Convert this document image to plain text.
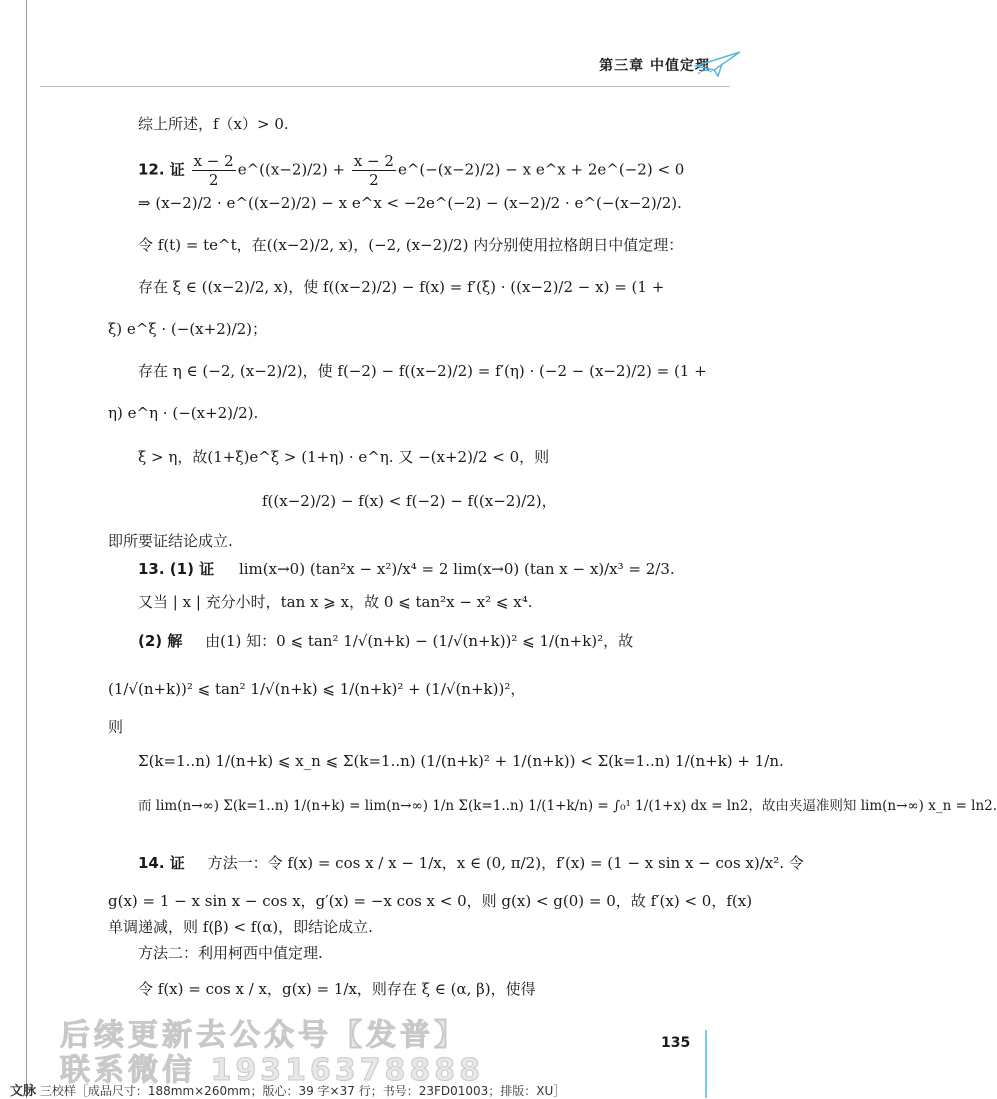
第三章 中值定理
综上所述，f（x）> 0.
12. 证 $\frac{x - 2}{2}$ e^((x−2)/2) + $\frac{x - 2}{2}$ e^(−(x−2)/2) − x e^x + 2e^(−2) < 0
⇒ (x−2)/2 · e^((x−2)/2) − x e^x < −2e^(−2) − (x−2)/2 · e^(−(x−2)/2).
令 f(t) = te^t，在((x−2)/2, x)，(−2, (x−2)/2) 内分别使用拉格朗日中值定理：
存在 ξ ∈ ((x−2)/2, x)，使 f((x−2)/2) − f(x) = f′(ξ) · ((x−2)/2 − x) = (1 +
ξ) e^ξ · (−(x+2)/2)；
存在 η ∈ (−2, (x−2)/2)，使 f(−2) − f((x−2)/2) = f′(η) · (−2 − (x−2)/2) = (1 +
η) e^η · (−(x+2)/2).
ξ > η，故(1+ξ)e^ξ > (1+η) · e^η. 又 −(x+2)/2 < 0，则
f((x−2)/2) − f(x) < f(−2) − f((x−2)/2)，
即所要证结论成立.
13. (1) 证 lim(x→0) (tan²x − x²)/x⁴ = 2 lim(x→0) (tan x − x)/x³ = 2/3.
又当 | x | 充分小时，tan x ⩾ x，故 0 ⩽ tan²x − x² ⩽ x⁴.
(2) 解 由(1) 知：0 ⩽ tan² 1/√(n+k) − (1/√(n+k))² ⩽ 1/(n+k)²，故
(1/√(n+k))² ⩽ tan² 1/√(n+k) ⩽ 1/(n+k)² + (1/√(n+k))²，
则
Σ(k=1..n) 1/(n+k) ⩽ x_n ⩽ Σ(k=1..n) (1/(n+k)² + 1/(n+k)) < Σ(k=1..n) 1/(n+k) + 1/n.
而 lim(n→∞) Σ(k=1..n) 1/(n+k) = lim(n→∞) 1/n Σ(k=1..n) 1/(1+k/n) = ∫₀¹ 1/(1+x) dx = ln2，故由夹逼准则知 lim(n→∞) x_n = ln2.
14. 证 方法一：令 f(x) = cos x / x − 1/x，x ∈ (0, π/2)，f′(x) = (1 − x sin x − cos x)/x². 令
g(x) = 1 − x sin x − cos x，g′(x) = −x cos x < 0，则 g(x) < g(0) = 0，故 f′(x) < 0，f(x)
单调递减，则 f(β) < f(α)，即结论成立.
方法二：利用柯西中值定理.
令 f(x) = cos x / x，g(x) = 1/x，则存在 ξ ∈ (α, β)，使得
后续更新去公众号【发普】
联系微信 19316378888
135
文脉 三校样［成品尺寸：188mm×260mm；版心：39 字×37 行；书号：23FD01003；排版：XU］
